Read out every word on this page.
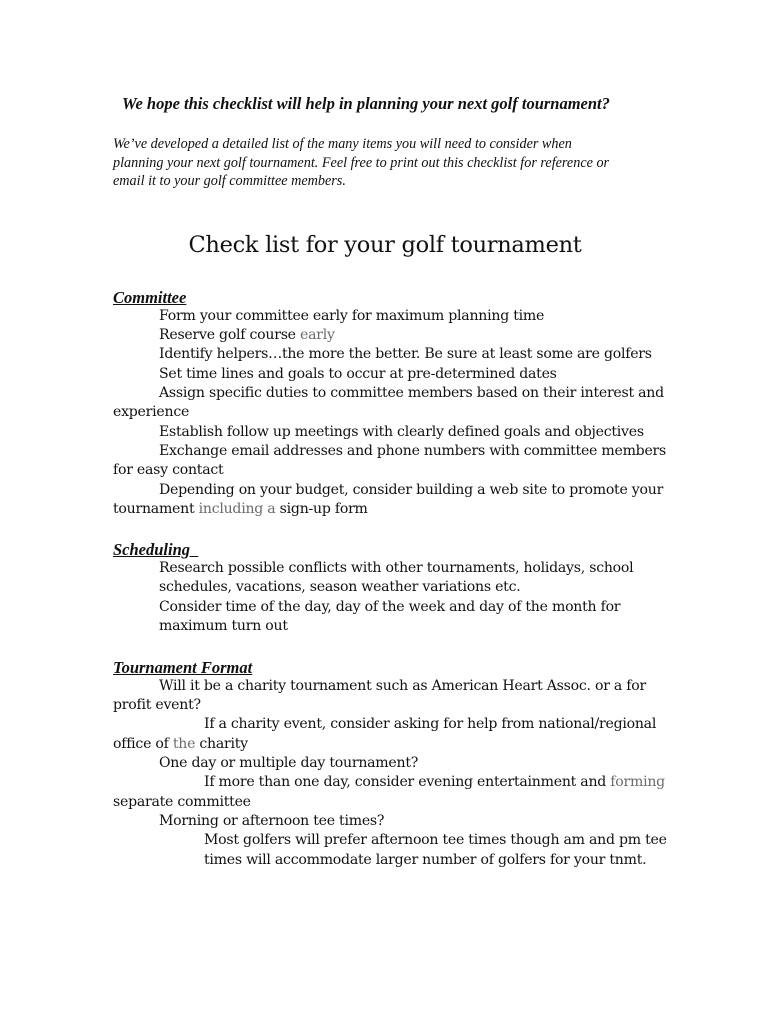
We hope this checklist will help in planning your next golf tournament?
We’ve developed a detailed list of the many items you will need to consider when
planning your next golf tournament. Feel free to print out this checklist for reference or
email it to your golf committee members.
Check list for your golf tournament
Committee
Form your committee early for maximum planning time
Reserve golf course early
Identify helpers…the more the better. Be sure at least some are golfers
Set time lines and goals to occur at pre-determined dates
Assign specific duties to committee members based on their interest and
experience
Establish follow up meetings with clearly defined goals and objectives
Exchange email addresses and phone numbers with committee members
for easy contact
Depending on your budget, consider building a web site to promote your
tournament including a sign-up form
Scheduling
Research possible conflicts with other tournaments, holidays, school
schedules, vacations, season weather variations etc.
Consider time of the day, day of the week and day of the month for
maximum turn out
Tournament Format
Will it be a charity tournament such as American Heart Assoc. or a for
profit event?
If a charity event, consider asking for help from national/regional
office of the charity
One day or multiple day tournament?
If more than one day, consider evening entertainment and forming
separate committee
Morning or afternoon tee times?
Most golfers will prefer afternoon tee times though am and pm tee
times will accommodate larger number of golfers for your tnmt.
